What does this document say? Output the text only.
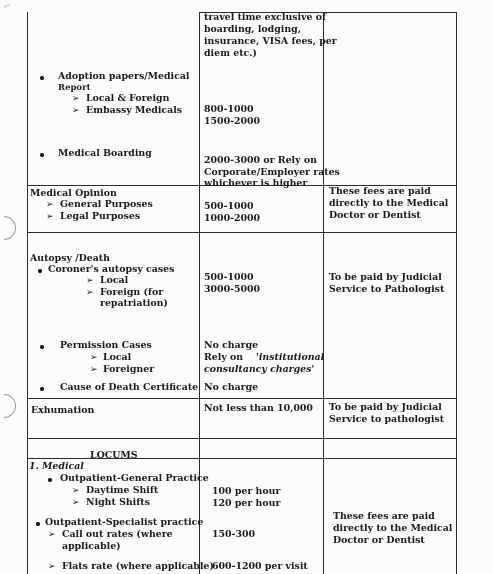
ᵒ”
travel time exclusive of
boarding, lodging,
insurance, VISA fees, per
diem etc.)
Adoption papers/Medical
Report
➢ Local & Foreign
➢ Embassy Medicals 800-1000
1500-2000
Medical Boarding
2000-3000 or Rely on
Corporate/Employer rates
whichever is higher
Medical Opinion
➢ General Purposes
➢ Legal Purposes
500-1000
1000-2000
These fees are paid
directly to the Medical
Doctor or Dentist
Autopsy /Death
Coroner's autopsy cases
➢ Local
➢ Foreign (for
repatriation)
500-1000
3000-5000
To be paid by Judicial
Service to Pathologist
Permission Cases
➢ Local
➢ Foreigner
No charge
Rely on 'institutional
consultancy charges'
Cause of Death Certificate No charge
Exhumation	Not less than 10,000 To be paid by Judicial
Service to pathologist
LOCUMS
1. Medical
Outpatient-General Practice
➢ Daytime Shift
➢ Night Shifts
100 per hour
120 per hour
Outpatient-Specialist practice
➢ Call out rates (where
applicable)
150-300
These fees are paid
directly to the Medical
Doctor or Dentist
➢ Flats rate (where applicable)
600-1200 per visit
